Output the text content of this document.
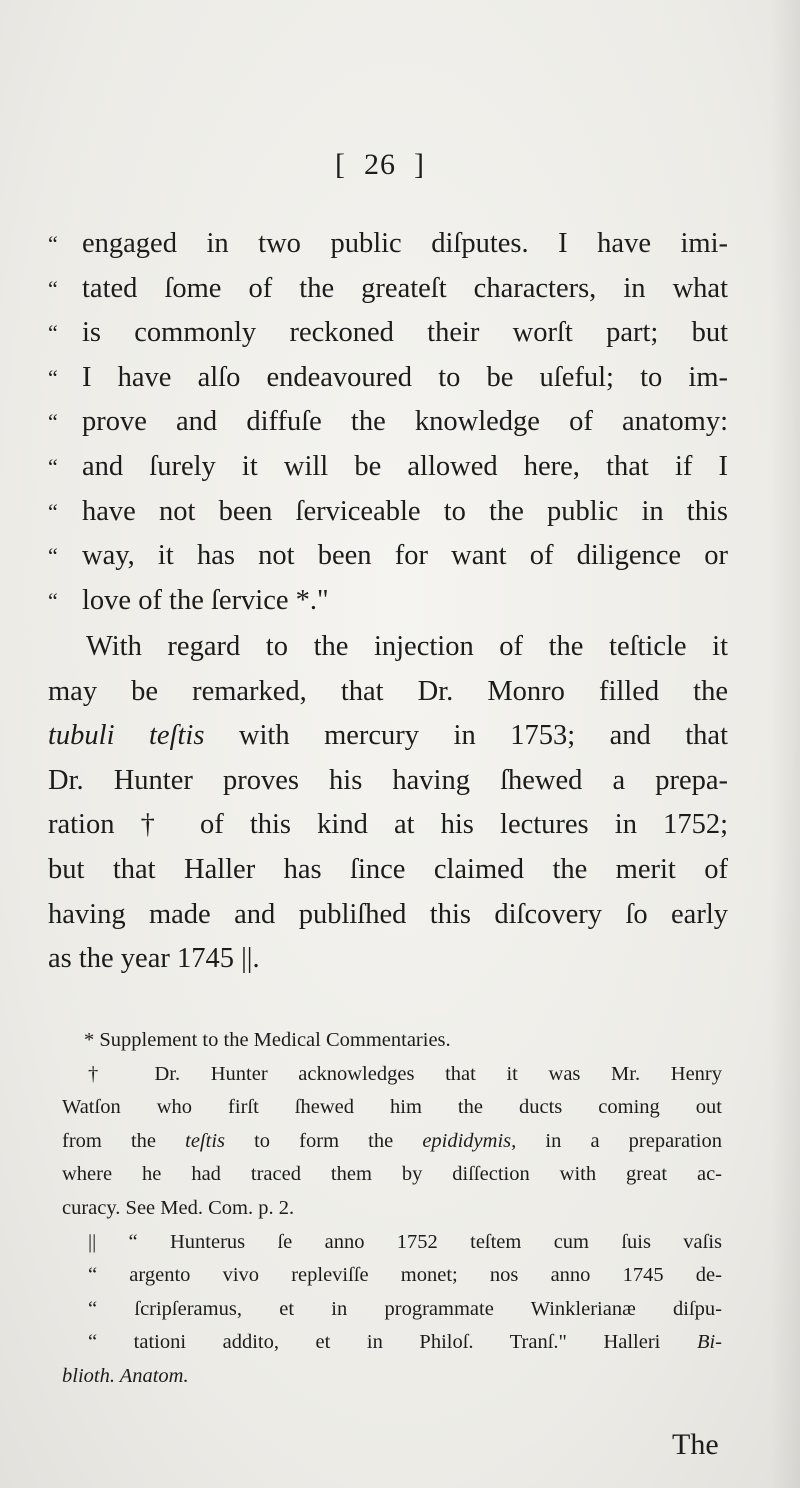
[ 26 ]
“ engaged in two public diſputes. I have imi-
“ tated ſome of the greateſt characters, in what
“ is commonly reckoned their worſt part; but
“ I have alſo endeavoured to be uſeful; to im-
“ prove and diffuſe the knowledge of anatomy:
“ and ſurely it will be allowed here, that if I
“ have not been ſerviceable to the public in this
“ way, it has not been for want of diligence or
“ love of the ſervice *."
With regard to the injection of the teſticle it
may be remarked, that Dr. Monro filled the
tubuli teſtis with mercury in 1753; and that
Dr. Hunter proves his having ſhewed a prepa-
ration † of this kind at his lectures in 1752;
but that Haller has ſince claimed the merit of
having made and publiſhed this diſcovery ſo early
as the year 1745 ||.
* Supplement to the Medical Commentaries.
† Dr. Hunter acknowledges that it was Mr. Henry
Watſon who firſt ſhewed him the ducts coming out
from the teſtis to form the epididymis, in a preparation
where he had traced them by diſſection with great ac-
curacy. See Med. Com. p. 2.
|| “ Hunterus ſe anno 1752 teſtem cum ſuis vaſis
“ argento vivo repleviſſe monet; nos anno 1745 de-
“ ſcripſeramus, et in programmate Winklerianæ diſpu-
“ tationi addito, et in Philoſ. Tranſ." Halleri Bi-
blioth. Anatom.
The
